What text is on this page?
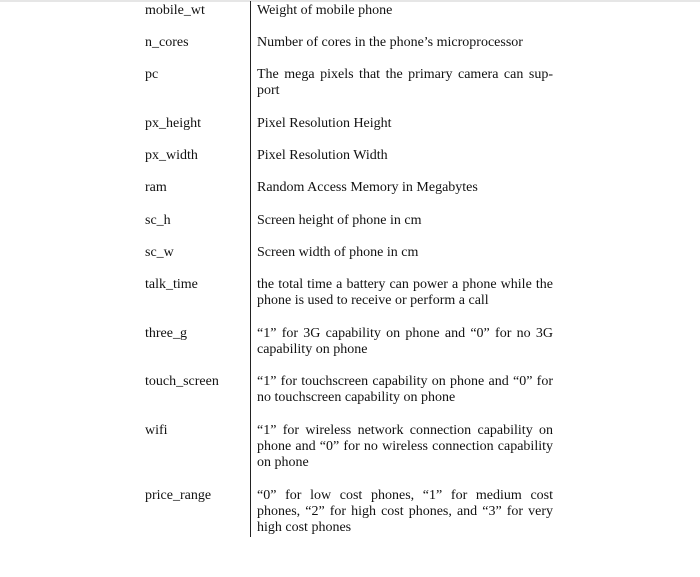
mobile_wt	Weight of mobile phone
n_cores	Number of cores in the phone’s microprocessor
pc	The mega pixels that the primary camera can support
px_height	Pixel Resolution Height
px_width	Pixel Resolution Width
ram	Random Access Memory in Megabytes
sc_h	Screen height of phone in cm
sc_w	Screen width of phone in cm
talk_time	the total time a battery can power a phone while the phone is used to receive or perform a call
three_g	“1” for 3G capability on phone and “0” for no 3G capability on phone
touch_screen	“1” for touchscreen capability on phone and “0” for no touchscreen capability on phone
wifi	“1” for wireless network connection capability on phone and “0” for no wireless connection capability on phone
price_range	“0” for low cost phones, “1” for medium cost phones, “2” for high cost phones, and “3” for very high cost phones
